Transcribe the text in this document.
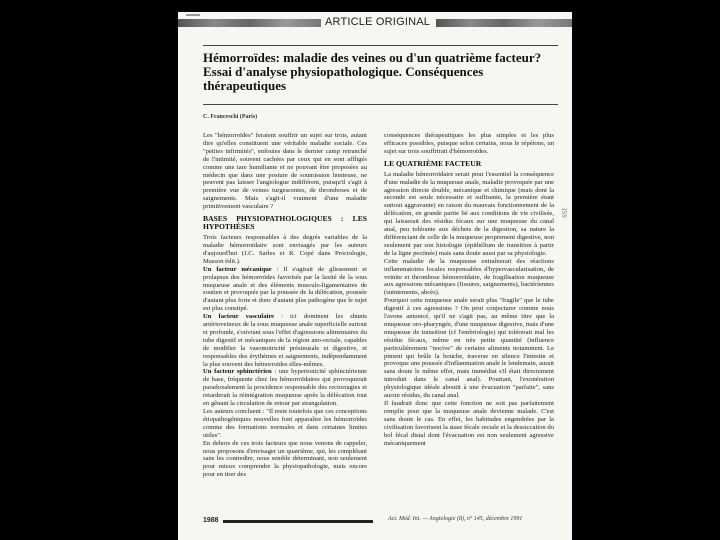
ARTICLE ORIGINAL
Hémorroïdes: maladie des veines ou d'un quatrième facteur? Essai d'analyse physiopathologique. Conséquences thérapeutiques
C. Franceschi (Paris)

Les "hémorroïdes" feraient souffrir un sujet sur trois, autant dire qu'elles constituent une véritable maladie sociale. Ces "petites infirmités", enfouies dans le dernier camp retranché de l'intimité, souvent cachées par ceux qui en sont affligés comme une tare humiliante et ne pouvant être proposées au médecin que dans une posture de soumission honteuse, ne peuvent pas laisser l'angiologue indifférent, puisqu'il s'agit à première vue de veines turgescentes, de thromboses et de saignements. Mais s'agit-il vraiment d'une maladie primitivement vasculaire ?

BASES PHYSIOPATHOLOGIQUES : LES HYPOTHÈSES

Trois facteurs responsables à des degrés variables de la maladie hémorroïdaire sont envisagés par les auteurs d'aujourd'hui (J.C. Sarles et R. Copé dans Proctologie, Masson édit.).

Un facteur mécanique : Il s'agirait de glissement et prolapsus des hémorroïdes favorisés par la laxité de la sous muqueuse anale et des éléments musculo-ligamentaires de soutien et provoqués par la poussée de la défécation, poussée d'autant plus forte et donc d'autant plus pathogène que le sujet est plus constipé.

Un facteur vasculaire : ici dominent les shunts artérioveineux de la sous muqueuse anale superficielle surtout et profonde, s'ouvrant sous l'effet d'agressions alimentaires du tube digestif et mécaniques de la région ano-rectale, capables de modifier la vasomotricité présinusale et digestive, et responsables des érythèmes et saignements, indépendamment la plus souvent des hémorroïdes elles-mêmes.

Un facteur sphinctérien : une hypertonicité sphinctérienne de base, fréquente chez les hémorroïdaires qui provoquerait paradoxalement la procidence responsable des rectorragies et retarderait la réintégration muqueuse après la défécation tout en gênant la circulation de retour par strangulation.

Les auteurs concluent : "Il reste toutefois que ces conceptions étiopathogéniques nouvelles font apparaître les hémorroïdes comme des formations normales et dans certaines limites utiles".

En dehors de ces trois facteurs que nous venons de rappeler, nous proposons d'envisager un quatrième, qui, les complétant sans les contredire, nous semble déterminant, non seulement pour mieux comprendre la physiopathologie, mais encore pour en tirer des

conséquences thérapeutiques les plus simples et les plus efficaces possibles, puisque selon certains, nous le répétons, un sujet sur trois souffrirait d'hémorroïdes.

LE QUATRIÈME FACTEUR

La maladie hémorroïdaire serait pour l'essentiel la conséquence d'une maladie de la muqueuse anale, maladie provoquée par une agression directe double, mécanique et chimique (mais dont la seconde est seule nécessaire et suffisante, la première étant surtout aggravante) en raison du mauvais fonctionnement de la défécation, en grande partie lié aux conditions de vie civilisée, qui laisserait des résidus fécaux sur une muqueuse du canal anal, peu tolérante aux déchets de la digestion, sa nature la différenciant de celle de la muqueuse proprement digestive, non seulement par son histologie (épithélium de transition à partir de la ligne pectinée) mais sans doute aussi par sa physiologie.

Cette maladie de la muqueuse entraînerait des réactions inflammatoires locales responsables d'hypervascularisation, de veinite et thrombose hémorroïdaire, de fragilisation muqueuse aux agressions mécaniques (fissures, saignements), bactériennes (suintements, abcès).

Pourquoi cette muqueuse anale serait plus "fragile" que le tube digestif à ces agressions ? On peut conjecturer comme nous l'avons annoncé, qu'il ne s'agit pas, au même titre que la muqueuse oro-pharyngée, d'une muqueuse digestive, mais d'une muqueuse de transition (cf l'embriologie) qui tolérerait mal les résidus fécaux, même en très petite quantité (influence particulièrement "nocive" de certains aliments notamment. Le piment qui brûle la bouche, traverse en silence l'intestin et provoque une poussée d'inflammation anale le lendemain, aurait sans doute le même effet, mais immédiat s'il était directement introduit dans le canal anal). Pourtant, l'exonération physiologique idéale aboutit à une évacuation "parfaite", sans aucun résidus, du canal anal.

Il faudrait donc que cette fonction ne soit pas parfaitement remplie pour que la muqueuse anale devienne malade. C'est sans doute le cas. En effet, les habitudes engendrées par la civilisation favorisent la stase fécale rectale et la dessiccation du bol fécal distal dont l'évacuation est non seulement agressive mécaniquement

ISS
1988	Act. Méd. Int. — Angiologie (8), n° 145, décembre 1991
